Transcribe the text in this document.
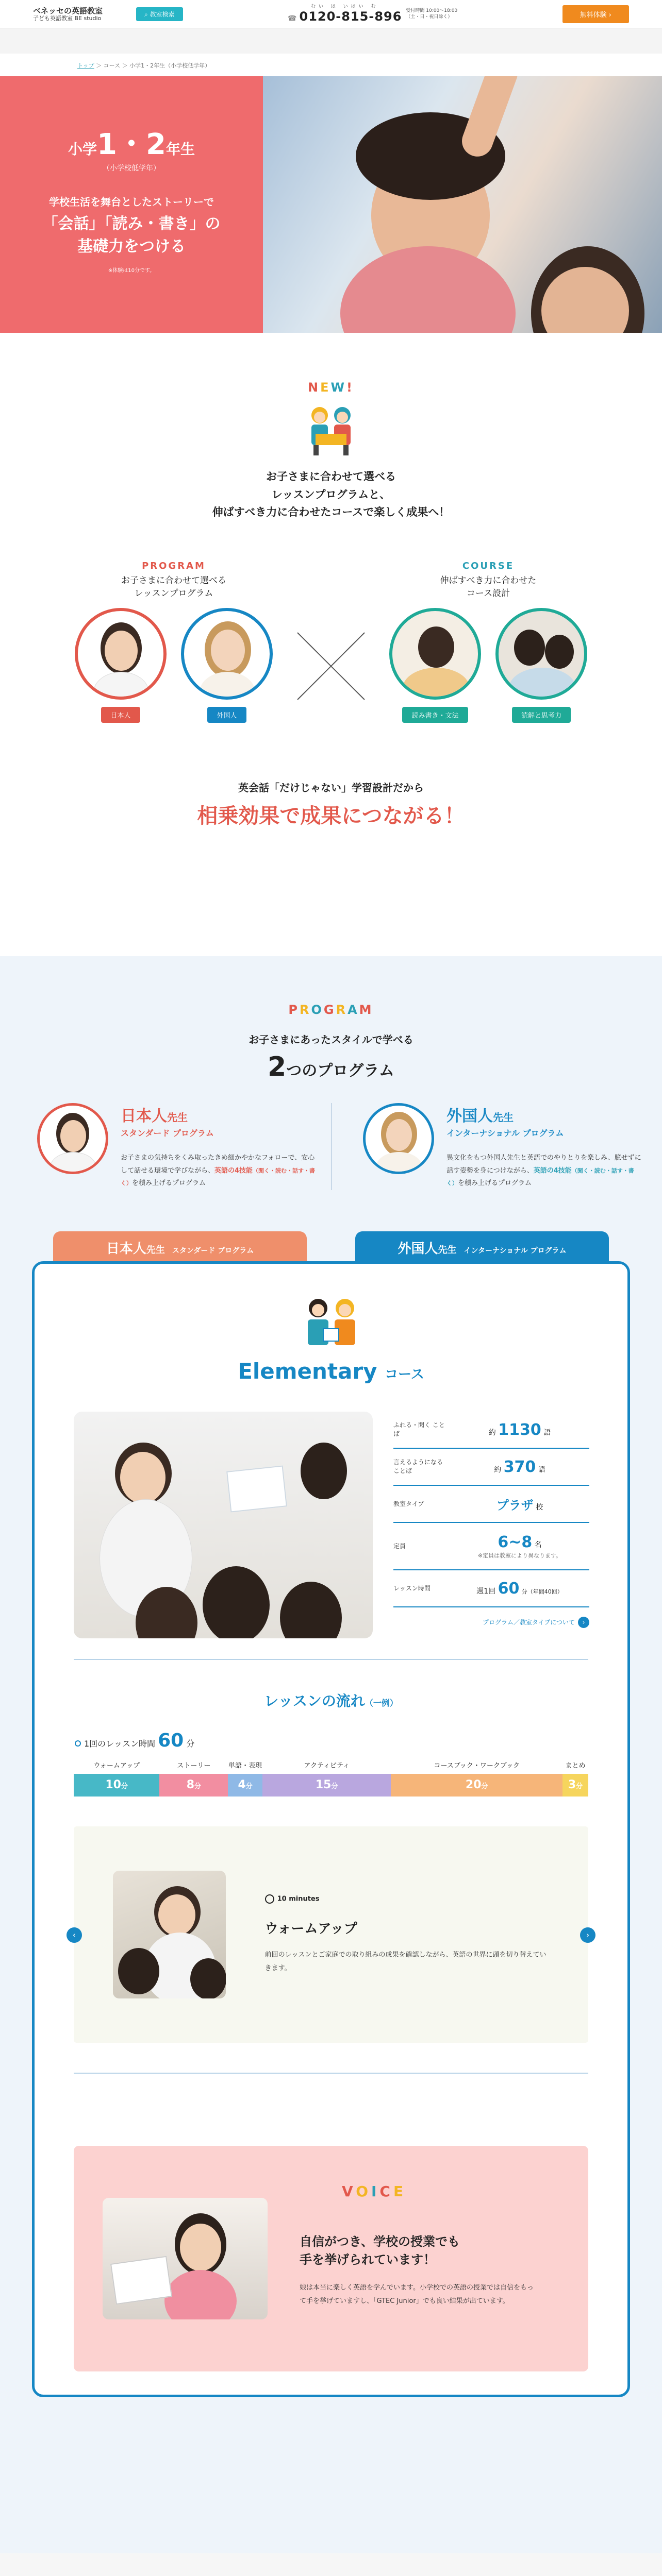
ベネッセの英語教室
子ども英語教室 BE studio
⌕ 教室検索
むい は いはい む
☎ 0120-815-896 受付時間 10:00～18:00
（土・日・祝日除く）	無料体験 ›
トップ ＞ コース ＞ 小学1・2年生（小学校低学年）
小学1・2年生
（小学校低学年）
学校生活を舞台としたストーリーで
「会話」「読み・書き」の
基礎力をつける
※体験は10分です。
NEW!
お子さまに合わせて選べる
レッスンプログラムと、
伸ばすべき力に合わせたコースで楽しく成果へ！
PROGRAM
お子さまに合わせて選べる
レッスンプログラム
日本人	外国人
COURSE
伸ばすべき力に合わせた
コース設計
読み書き・文法	読解と思考力
英会話「だけじゃない」学習設計だから
相乗効果で成果につながる！
PROGRAM
お子さまにあったスタイルで学べる
2つのプログラム
日本人先生
スタンダード プログラム
お子さまの気持ちをくみ取ったきめ細かやかなフォローで、安心して話せる環境で学びながら、英語の4技能（聞く・読む・話す・書く）を積み上げるプログラム
外国人先生
インターナショナル プログラム
異文化をもつ外国人先生と英語でのやりとりを楽しみ、臆せずに話す姿勢を身につけながら、英語の4技能（聞く・読む・話す・書く）を積み上げるプログラム
日本人先生 スタンダード プログラム	外国人先生 インターナショナル プログラム
Elementary コース
ふれる・聞く ことば	約 1130 語
言えるようになる ことば	約 370 語
教室タイプ	プラザ 校
定員	6~8 名
※定員は教室により異なります。
レッスン時間	週1回 60 分（年間40回）
プログラム／教室タイプについて ›
レッスンの流れ（一例）
1回のレッスン時間 60 分
ウォームアップ
10分
ストーリー
8分
単語・表現
4分
アクティビティ
15分
コースブック・ワークブック
20分
まとめ
3分
‹
10 minutes
ウォームアップ
前回のレッスンとご家庭での取り組みの成果を確認しながら、英語の世界に頭を切り替えていきます。
›
VOICE
自信がつき、学校の授業でも
手を挙げられています！
娘は本当に楽しく英語を学んでいます。小学校での英語の授業では自信をもって手を挙げていますし、「GTEC Junior」でも良い結果が出ています。
